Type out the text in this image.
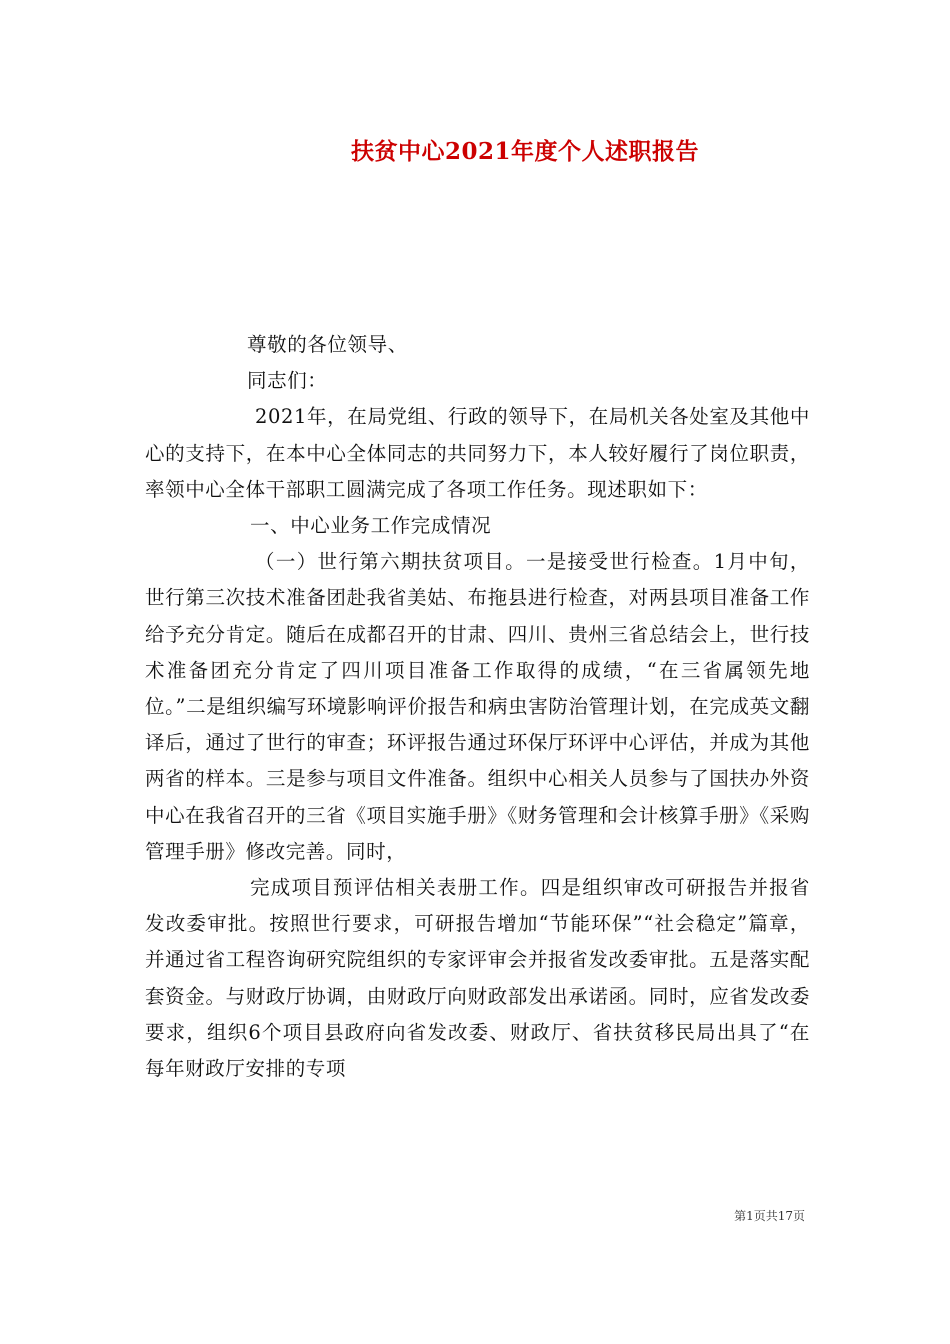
扶贫中心2021年度个人述职报告

尊敬的各位领导、

同志们：

2021年，在局党组、行政的领导下，在局机关各处室及其他中心的支持下，在本中心全体同志的共同努力下，本人较好履行了岗位职责，率领中心全体干部职工圆满完成了各项工作任务。现述职如下：

一、中心业务工作完成情况

（一）世行第六期扶贫项目。一是接受世行检查。1月中旬，世行第三次技术准备团赴我省美姑、布拖县进行检查，对两县项目准备工作给予充分肯定。随后在成都召开的甘肃、四川、贵州三省总结会上，世行技术准备团充分肯定了四川项目准备工作取得的成绩，“在三省属领先地位。”二是组织编写环境影响评价报告和病虫害防治管理计划，在完成英文翻译后，通过了世行的审查；环评报告通过环保厅环评中心评估，并成为其他两省的样本。三是参与项目文件准备。组织中心相关人员参与了国扶办外资中心在我省召开的三省《项目实施手册》《财务管理和会计核算手册》《采购管理手册》修改完善。同时，

完成项目预评估相关表册工作。四是组织审改可研报告并报省发改委审批。按照世行要求，可研报告增加“节能环保”“社会稳定”篇章，并通过省工程咨询研究院组织的专家评审会并报省发改委审批。五是落实配套资金。与财政厅协调，由财政厅向财政部发出承诺函。同时，应省发改委要求，组织6个项目县政府向省发改委、财政厅、省扶贫移民局出具了“在每年财政厅安排的专项

第1页共17页
